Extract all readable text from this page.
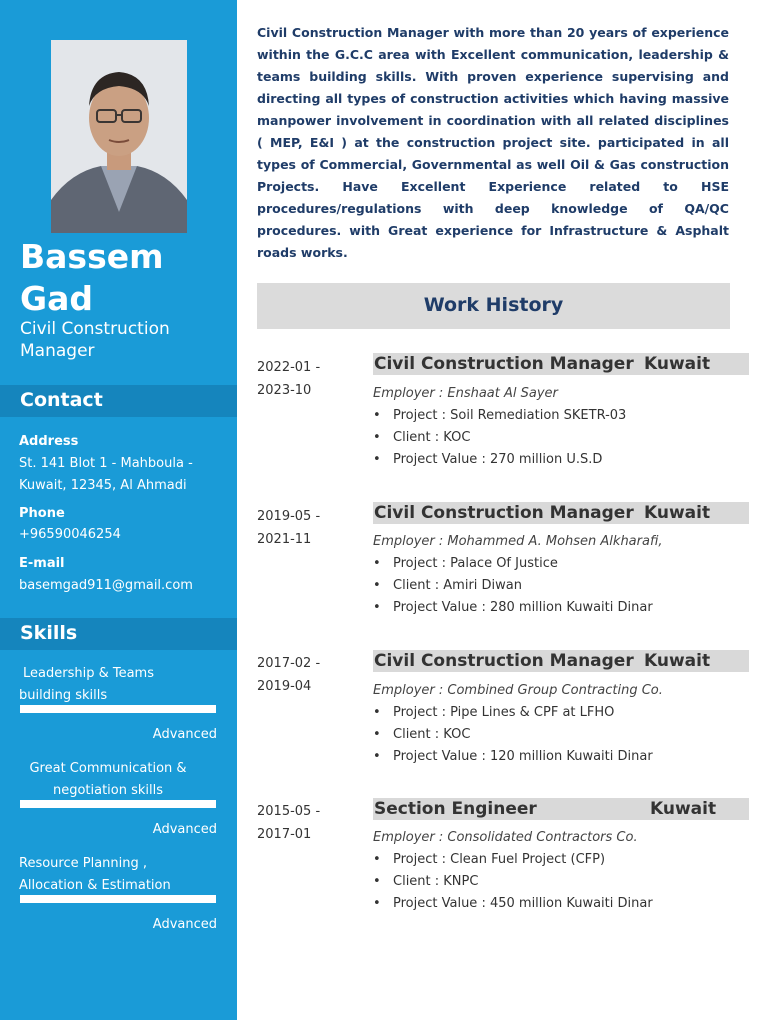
Bassem
Gad
Civil Construction
Manager
Contact
Address
St. 141 Blot 1 - Mahboula -
Kuwait, 12345, Al Ahmadi
Phone
+96590046254
E-mail
basemgad911@gmail.com
Skills
Leadership & Teams
building skills
Advanced
Great Communication &
negotiation skills
Advanced
Resource Planning ,
Allocation & Estimation
Advanced
Civil Construction Manager with more than 20 years of experience within the G.C.C area with Excellent communication, leadership & teams building skills. With proven experience supervising and directing all types of construction activities which having massive manpower involvement in coordination with all related disciplines ( MEP, E&I ) at the construction project site. participated in all types of Commercial, Governmental as well Oil & Gas construction Projects. Have Excellent Experience related to HSE procedures/regulations with deep knowledge of QA/QC procedures. with Great experience for Infrastructure & Asphalt roads works.
Work History
2022-01 -
2023-10
Civil Construction Manager Kuwait
Employer : Enshaat Al Sayer
• Project : Soil Remediation SKETR-03
• Client : KOC
• Project Value : 270 million U.S.D
2019-05 -
2021-11
Civil Construction Manager Kuwait
Employer : Mohammed A. Mohsen Alkharafi,
• Project : Palace Of Justice
• Client : Amiri Diwan
• Project Value : 280 million Kuwaiti Dinar
2017-02 -
2019-04
Civil Construction Manager Kuwait
Employer : Combined Group Contracting Co.
• Project : Pipe Lines & CPF at LFHO
• Client : KOC
• Project Value : 120 million Kuwaiti Dinar
2015-05 -
2017-01
Section Engineer	Kuwait
Employer : Consolidated Contractors Co.
• Project : Clean Fuel Project (CFP)
• Client : KNPC
• Project Value : 450 million Kuwaiti Dinar
